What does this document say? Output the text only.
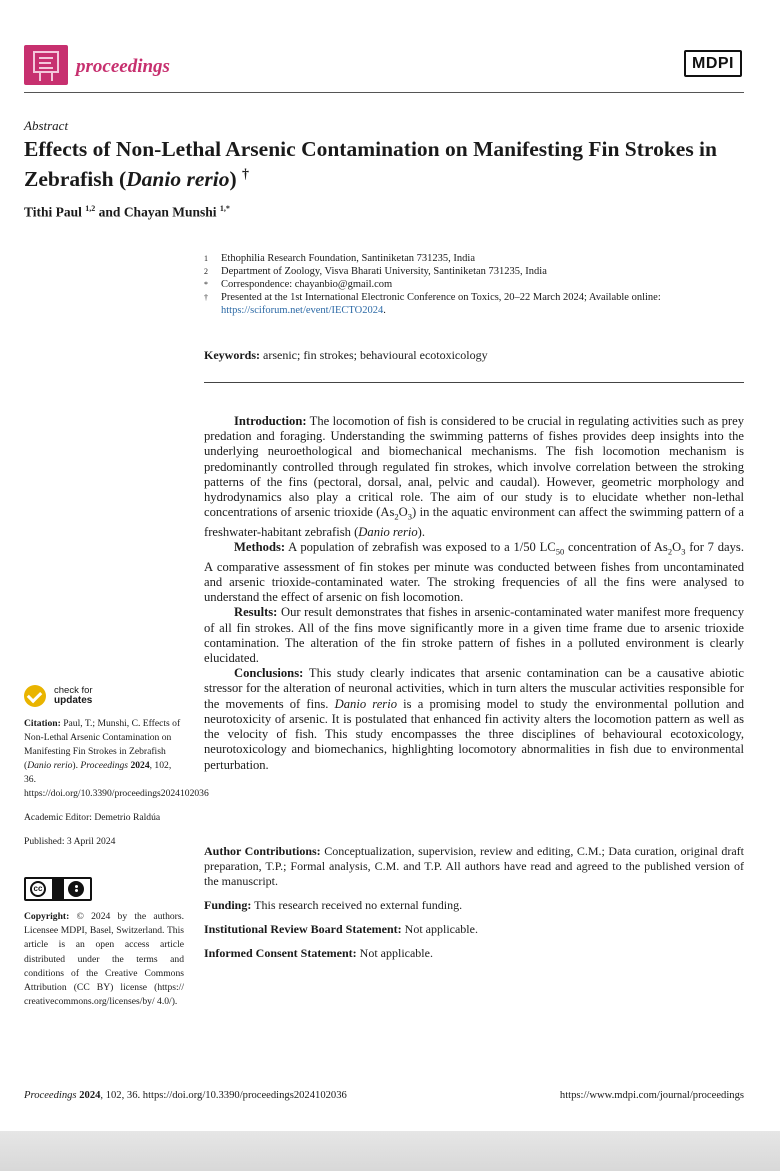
proceedings	MDPI
Abstract
Effects of Non-Lethal Arsenic Contamination on Manifesting Fin Strokes in Zebrafish (Danio rerio) †
Tithi Paul $^{1,2}$ and Chayan Munshi $^{1,*}$
1 Ethophilia Research Foundation, Santiniketan 731235, India
2 Department of Zoology, Visva Bharati University, Santiniketan 731235, India
* Correspondence: chayanbio@gmail.com
† Presented at the 1st International Electronic Conference on Toxics, 20–22 March 2024; Available online:
https://sciforum.net/event/IECTO2024.
Keywords: arsenic; fin strokes; behavioural ecotoxicology

Introduction: The locomotion of fish is considered to be crucial in regulating activities such as prey predation and foraging. Understanding the swimming patterns of fishes provides deep insights into the underlying neuroethological and biomechanical mechanisms. The fish locomotion mechanism is predominantly controlled through regulated fin strokes, which involve correlation between the stroking patterns of the fins (pectoral, dorsal, anal, pelvic and caudal). However, geometric morphology and hydrodynamics also play a critical role. The aim of our study is to elucidate whether non-lethal concentrations of arsenic trioxide $(As_2O_3)$ in the aquatic environment can affect the swimming pattern of a freshwater-habitant zebrafish (Danio rerio).

Methods: A population of zebrafish was exposed to a 1/50 $LC_{50}$ concentration of $As_2O_3$ for 7 days. A comparative assessment of fin stokes per minute was conducted between fishes from uncontaminated and arsenic trioxide-contaminated water. The stroking frequencies of all the fins were analysed to understand the effect of arsenic on fish locomotion.

Results: Our result demonstrates that fishes in arsenic-contaminated water manifest more frequency of all fin strokes. All of the fins move significantly more in a given time frame due to arsenic trioxide contamination. The alteration of the fin stroke pattern of fishes in a polluted environment is clearly elucidated.

Conclusions: This study clearly indicates that arsenic contamination can be a causative abiotic stressor for the alteration of neuronal activities, which in turn alters the muscular activities responsible for the movements of fins. Danio rerio is a promising model to study the environmental pollution and neurotoxicity of arsenic. It is postulated that enhanced fin activity alters the locomotion pattern as well as the velocity of fish. This study encompasses the three disciplines of behavioural ecotoxicology, neurotoxicology and biomechanics, highlighting locomotory abnormalities in fish due to environmental perturbation.

Author Contributions: Conceptualization, supervision, review and editing, C.M.; Data curation, original draft preparation, T.P.; Formal analysis, C.M. and T.P. All authors have read and agreed to the published version of the manuscript.

Funding: This research received no external funding.

Institutional Review Board Statement: Not applicable.

Informed Consent Statement: Not applicable.

check for
updates

Citation: Paul, T.; Munshi, C. Effects of Non-Lethal Arsenic Contamination on Manifesting Fin Strokes in Zebrafish (Danio rerio). Proceedings 2024, 102, 36. https://doi.org/10.3390/proceedings2024102036

Academic Editor: Demetrio Raldúa

Published: 3 April 2024

cc
Copyright: © 2024 by the authors. Licensee MDPI, Basel, Switzerland. This article is an open access article distributed under the terms and conditions of the Creative Commons Attribution (CC BY) license (https:// creativecommons.org/licenses/by/ 4.0/).
Proceedings 2024, 102, 36. https://doi.org/10.3390/proceedings2024102036	https://www.mdpi.com/journal/proceedings
